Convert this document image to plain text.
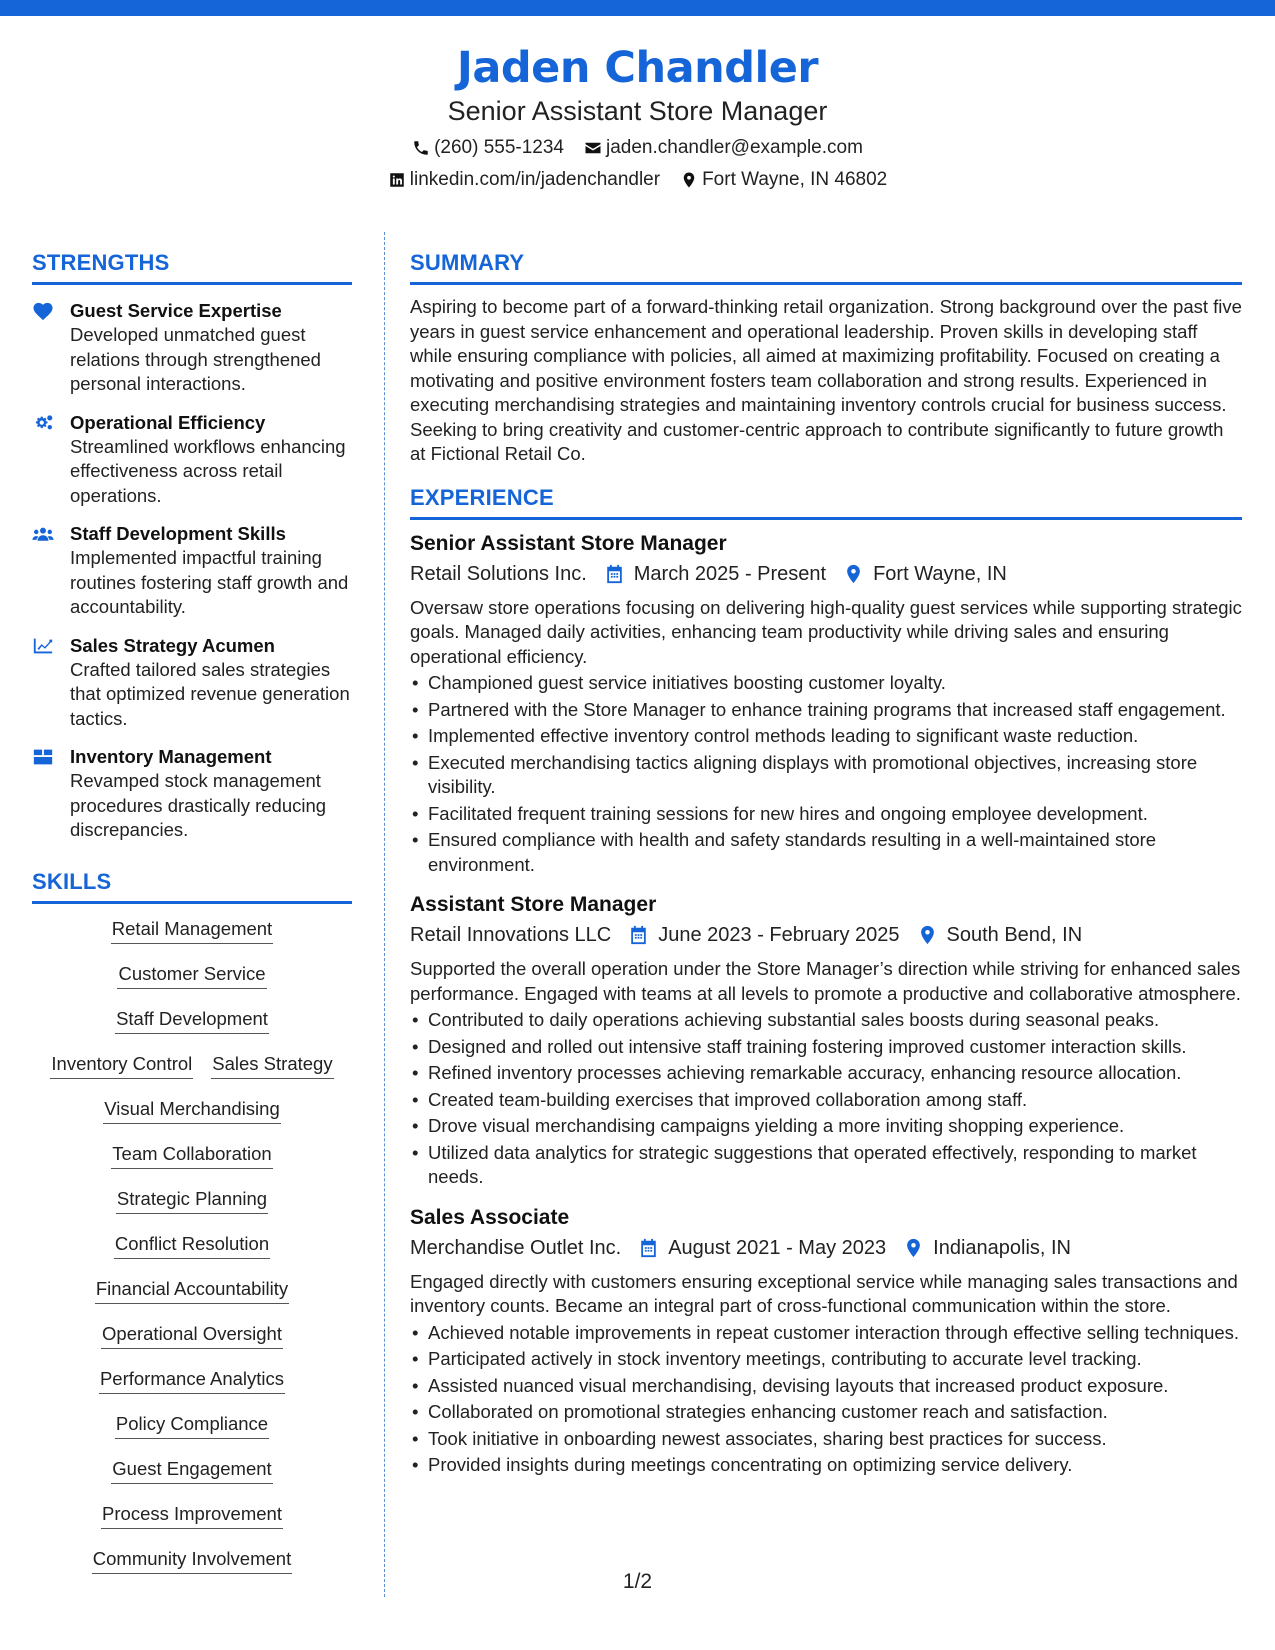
Jaden Chandler
Senior Assistant Store Manager
(260) 555-1234 jaden.chandler@example.com
linkedin.com/in/jadenchandler Fort Wayne, IN 46802
STRENGTHS
Guest Service Expertise
Developed unmatched guest relations through strengthened personal interactions.
Operational Efficiency
Streamlined workflows enhancing effectiveness across retail operations.
Staff Development Skills
Implemented impactful training routines fostering staff growth and accountability.
Sales Strategy Acumen
Crafted tailored sales strategies that optimized revenue generation tactics.
Inventory Management
Revamped stock management procedures drastically reducing discrepancies.
SKILLS
Retail Management
Customer Service
Staff Development
Inventory Control Sales Strategy
Visual Merchandising
Team Collaboration
Strategic Planning
Conflict Resolution
Financial Accountability
Operational Oversight
Performance Analytics
Policy Compliance
Guest Engagement
Process Improvement
Community Involvement
SUMMARY
Aspiring to become part of a forward-thinking retail organization. Strong background over the past five years in guest service enhancement and operational leadership. Proven skills in developing staff while ensuring compliance with policies, all aimed at maximizing profitability. Focused on creating a motivating and positive environment fosters team collaboration and strong results. Experienced in executing merchandising strategies and maintaining inventory controls crucial for business success. Seeking to bring creativity and customer-centric approach to contribute significantly to future growth at Fictional Retail Co.
EXPERIENCE
Senior Assistant Store Manager
Retail Solutions Inc. March 2025 - Present Fort Wayne, IN
Oversaw store operations focusing on delivering high-quality guest services while supporting strategic goals. Managed daily activities, enhancing team productivity while driving sales and ensuring operational efficiency.
• Championed guest service initiatives boosting customer loyalty.
• Partnered with the Store Manager to enhance training programs that increased staff engagement.
• Implemented effective inventory control methods leading to significant waste reduction.
• Executed merchandising tactics aligning displays with promotional objectives, increasing store visibility.
• Facilitated frequent training sessions for new hires and ongoing employee development.
• Ensured compliance with health and safety standards resulting in a well-maintained store environment.
Assistant Store Manager
Retail Innovations LLC June 2023 - February 2025 South Bend, IN
Supported the overall operation under the Store Manager’s direction while striving for enhanced sales performance. Engaged with teams at all levels to promote a productive and collaborative atmosphere.
• Contributed to daily operations achieving substantial sales boosts during seasonal peaks.
• Designed and rolled out intensive staff training fostering improved customer interaction skills.
• Refined inventory processes achieving remarkable accuracy, enhancing resource allocation.
• Created team-building exercises that improved collaboration among staff.
• Drove visual merchandising campaigns yielding a more inviting shopping experience.
• Utilized data analytics for strategic suggestions that operated effectively, responding to market needs.
Sales Associate
Merchandise Outlet Inc. August 2021 - May 2023 Indianapolis, IN
Engaged directly with customers ensuring exceptional service while managing sales transactions and inventory counts. Became an integral part of cross-functional communication within the store.
• Achieved notable improvements in repeat customer interaction through effective selling techniques.
• Participated actively in stock inventory meetings, contributing to accurate level tracking.
• Assisted nuanced visual merchandising, devising layouts that increased product exposure.
• Collaborated on promotional strategies enhancing customer reach and satisfaction.
• Took initiative in onboarding newest associates, sharing best practices for success.
• Provided insights during meetings concentrating on optimizing service delivery.
1/2
